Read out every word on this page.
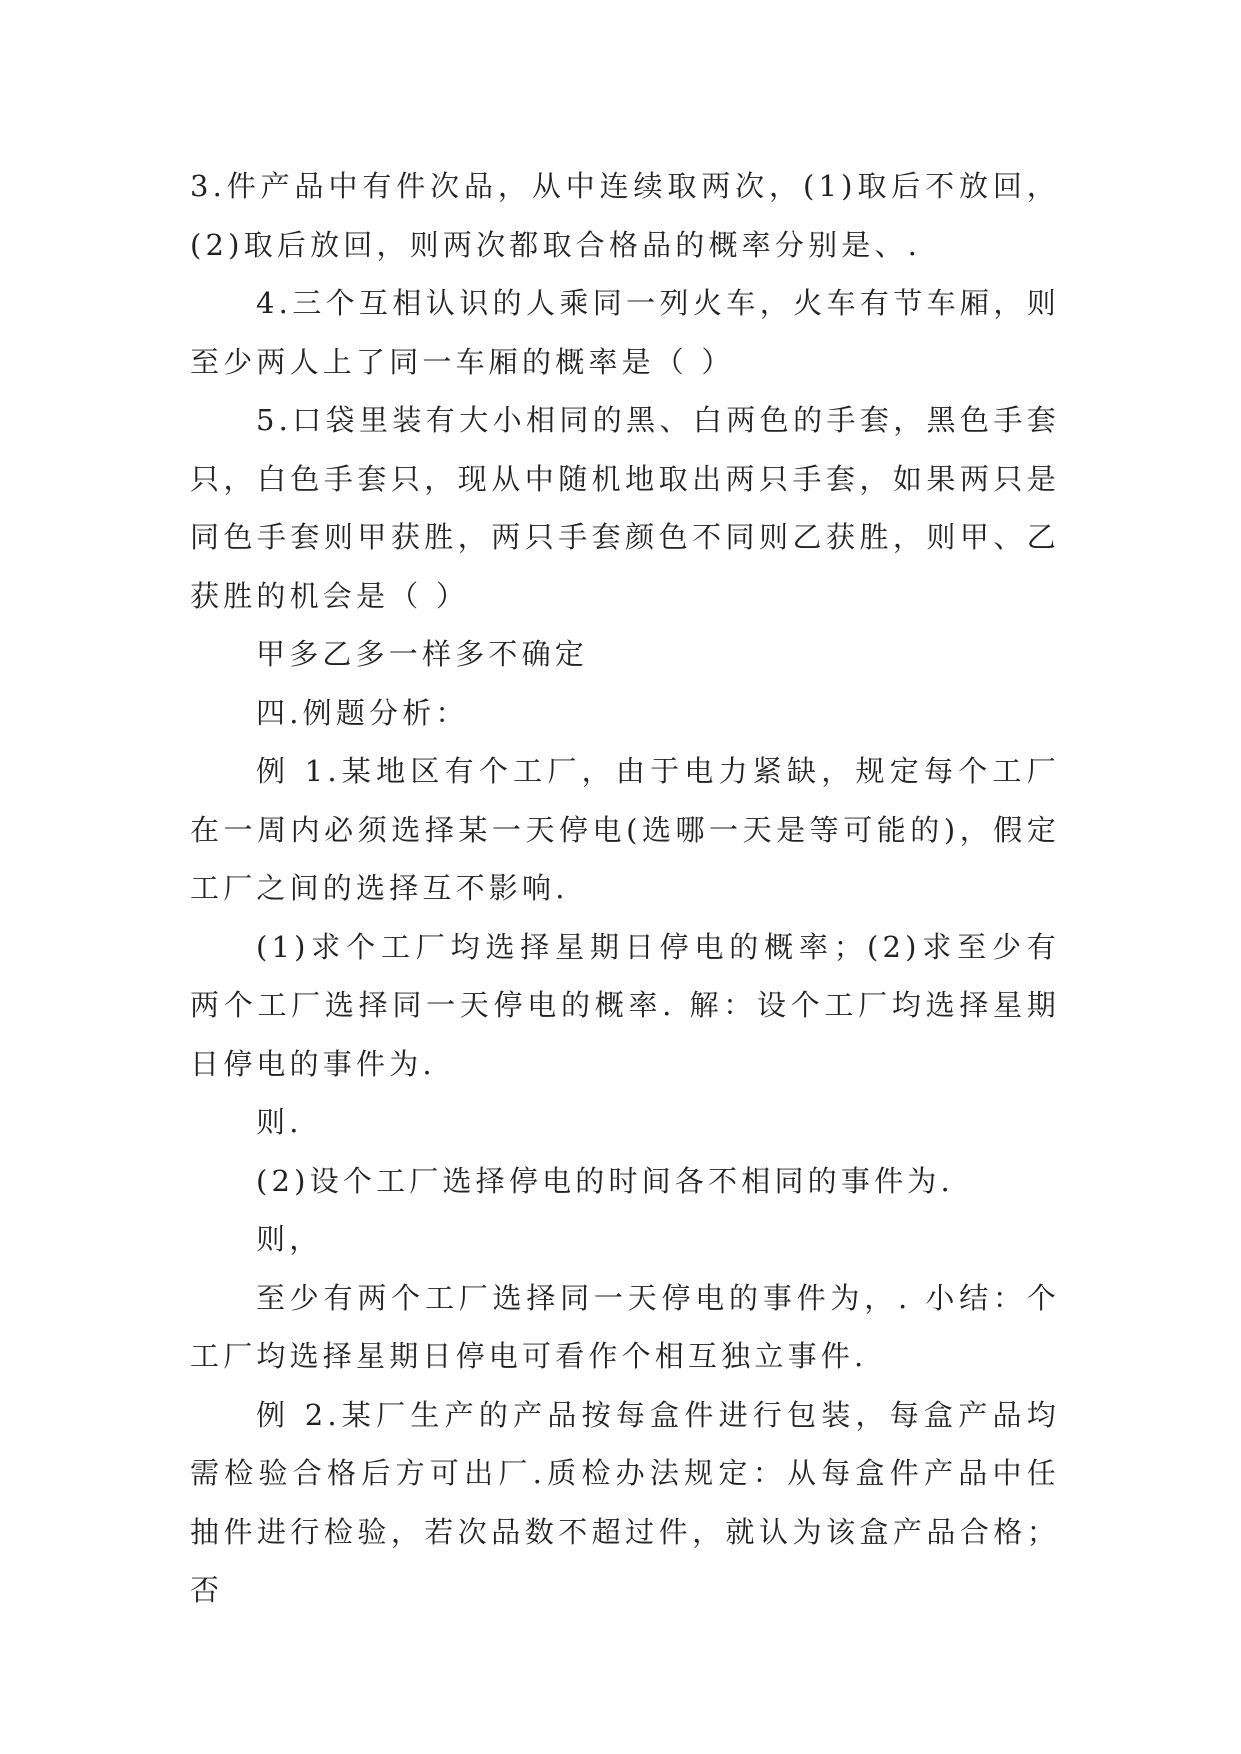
3.件产品中有件次品，从中连续取两次，(1)取后不放回，(2)取后放回，则两次都取合格品的概率分别是、.

4.三个互相认识的人乘同一列火车，火车有节车厢，则至少两人上了同一车厢的概率是（ ）

5.口袋里装有大小相同的黑、白两色的手套，黑色手套只，白色手套只，现从中随机地取出两只手套，如果两只是同色手套则甲获胜，两只手套颜色不同则乙获胜，则甲、乙获胜的机会是（ ）

甲多乙多一样多不确定

四.例题分析：

例 1.某地区有个工厂，由于电力紧缺，规定每个工厂在一周内必须选择某一天停电(选哪一天是等可能的)，假定工厂之间的选择互不影响.

(1)求个工厂均选择星期日停电的概率；(2)求至少有两个工厂选择同一天停电的概率. 解：设个工厂均选择星期日停电的事件为.

则.

(2)设个工厂选择停电的时间各不相同的事件为.

则，

至少有两个工厂选择同一天停电的事件为，. 小结：个工厂均选择星期日停电可看作个相互独立事件.

例 2.某厂生产的产品按每盒件进行包装，每盒产品均需检验合格后方可出厂.质检办法规定：从每盒件产品中任抽件进行检验，若次品数不超过件，就认为该盒产品合格；否
